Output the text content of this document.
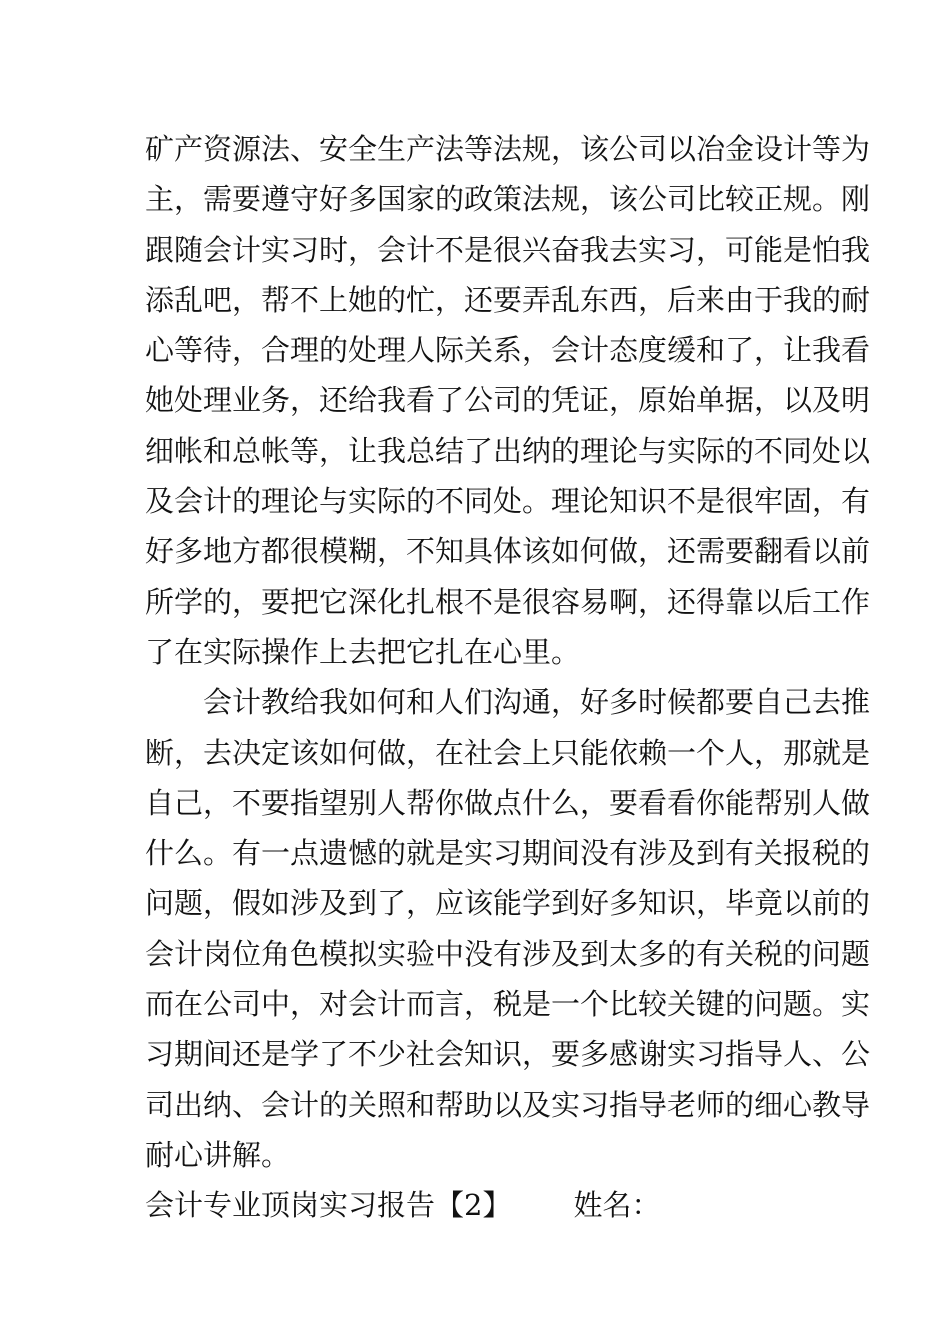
矿产资源法、安全生产法等法规，该公司以冶金设计等为
主，需要遵守好多国家的政策法规，该公司比较正规。刚
跟随会计实习时，会计不是很兴奋我去实习，可能是怕我
添乱吧，帮不上她的忙，还要弄乱东西，后来由于我的耐
心等待，合理的处理人际关系，会计态度缓和了，让我看
她处理业务，还给我看了公司的凭证，原始单据，以及明
细帐和总帐等，让我总结了出纳的理论与实际的不同处以
及会计的理论与实际的不同处。理论知识不是很牢固，有
好多地方都很模糊，不知具体该如何做，还需要翻看以前
所学的，要把它深化扎根不是很容易啊，还得靠以后工作
了在实际操作上去把它扎在心里。
会计教给我如何和人们沟通，好多时候都要自己去推
断，去决定该如何做，在社会上只能依赖一个人，那就是
自己，不要指望别人帮你做点什么，要看看你能帮别人做
什么。有一点遗憾的就是实习期间没有涉及到有关报税的
问题，假如涉及到了，应该能学到好多知识，毕竟以前的
会计岗位角色模拟实验中没有涉及到太多的有关税的问题
而在公司中，对会计而言，税是一个比较关键的问题。实
习期间还是学了不少社会知识，要多感谢实习指导人、公
司出纳、会计的关照和帮助以及实习指导老师的细心教导
耐心讲解。
会计专业顶岗实习报告【2】 姓名：
